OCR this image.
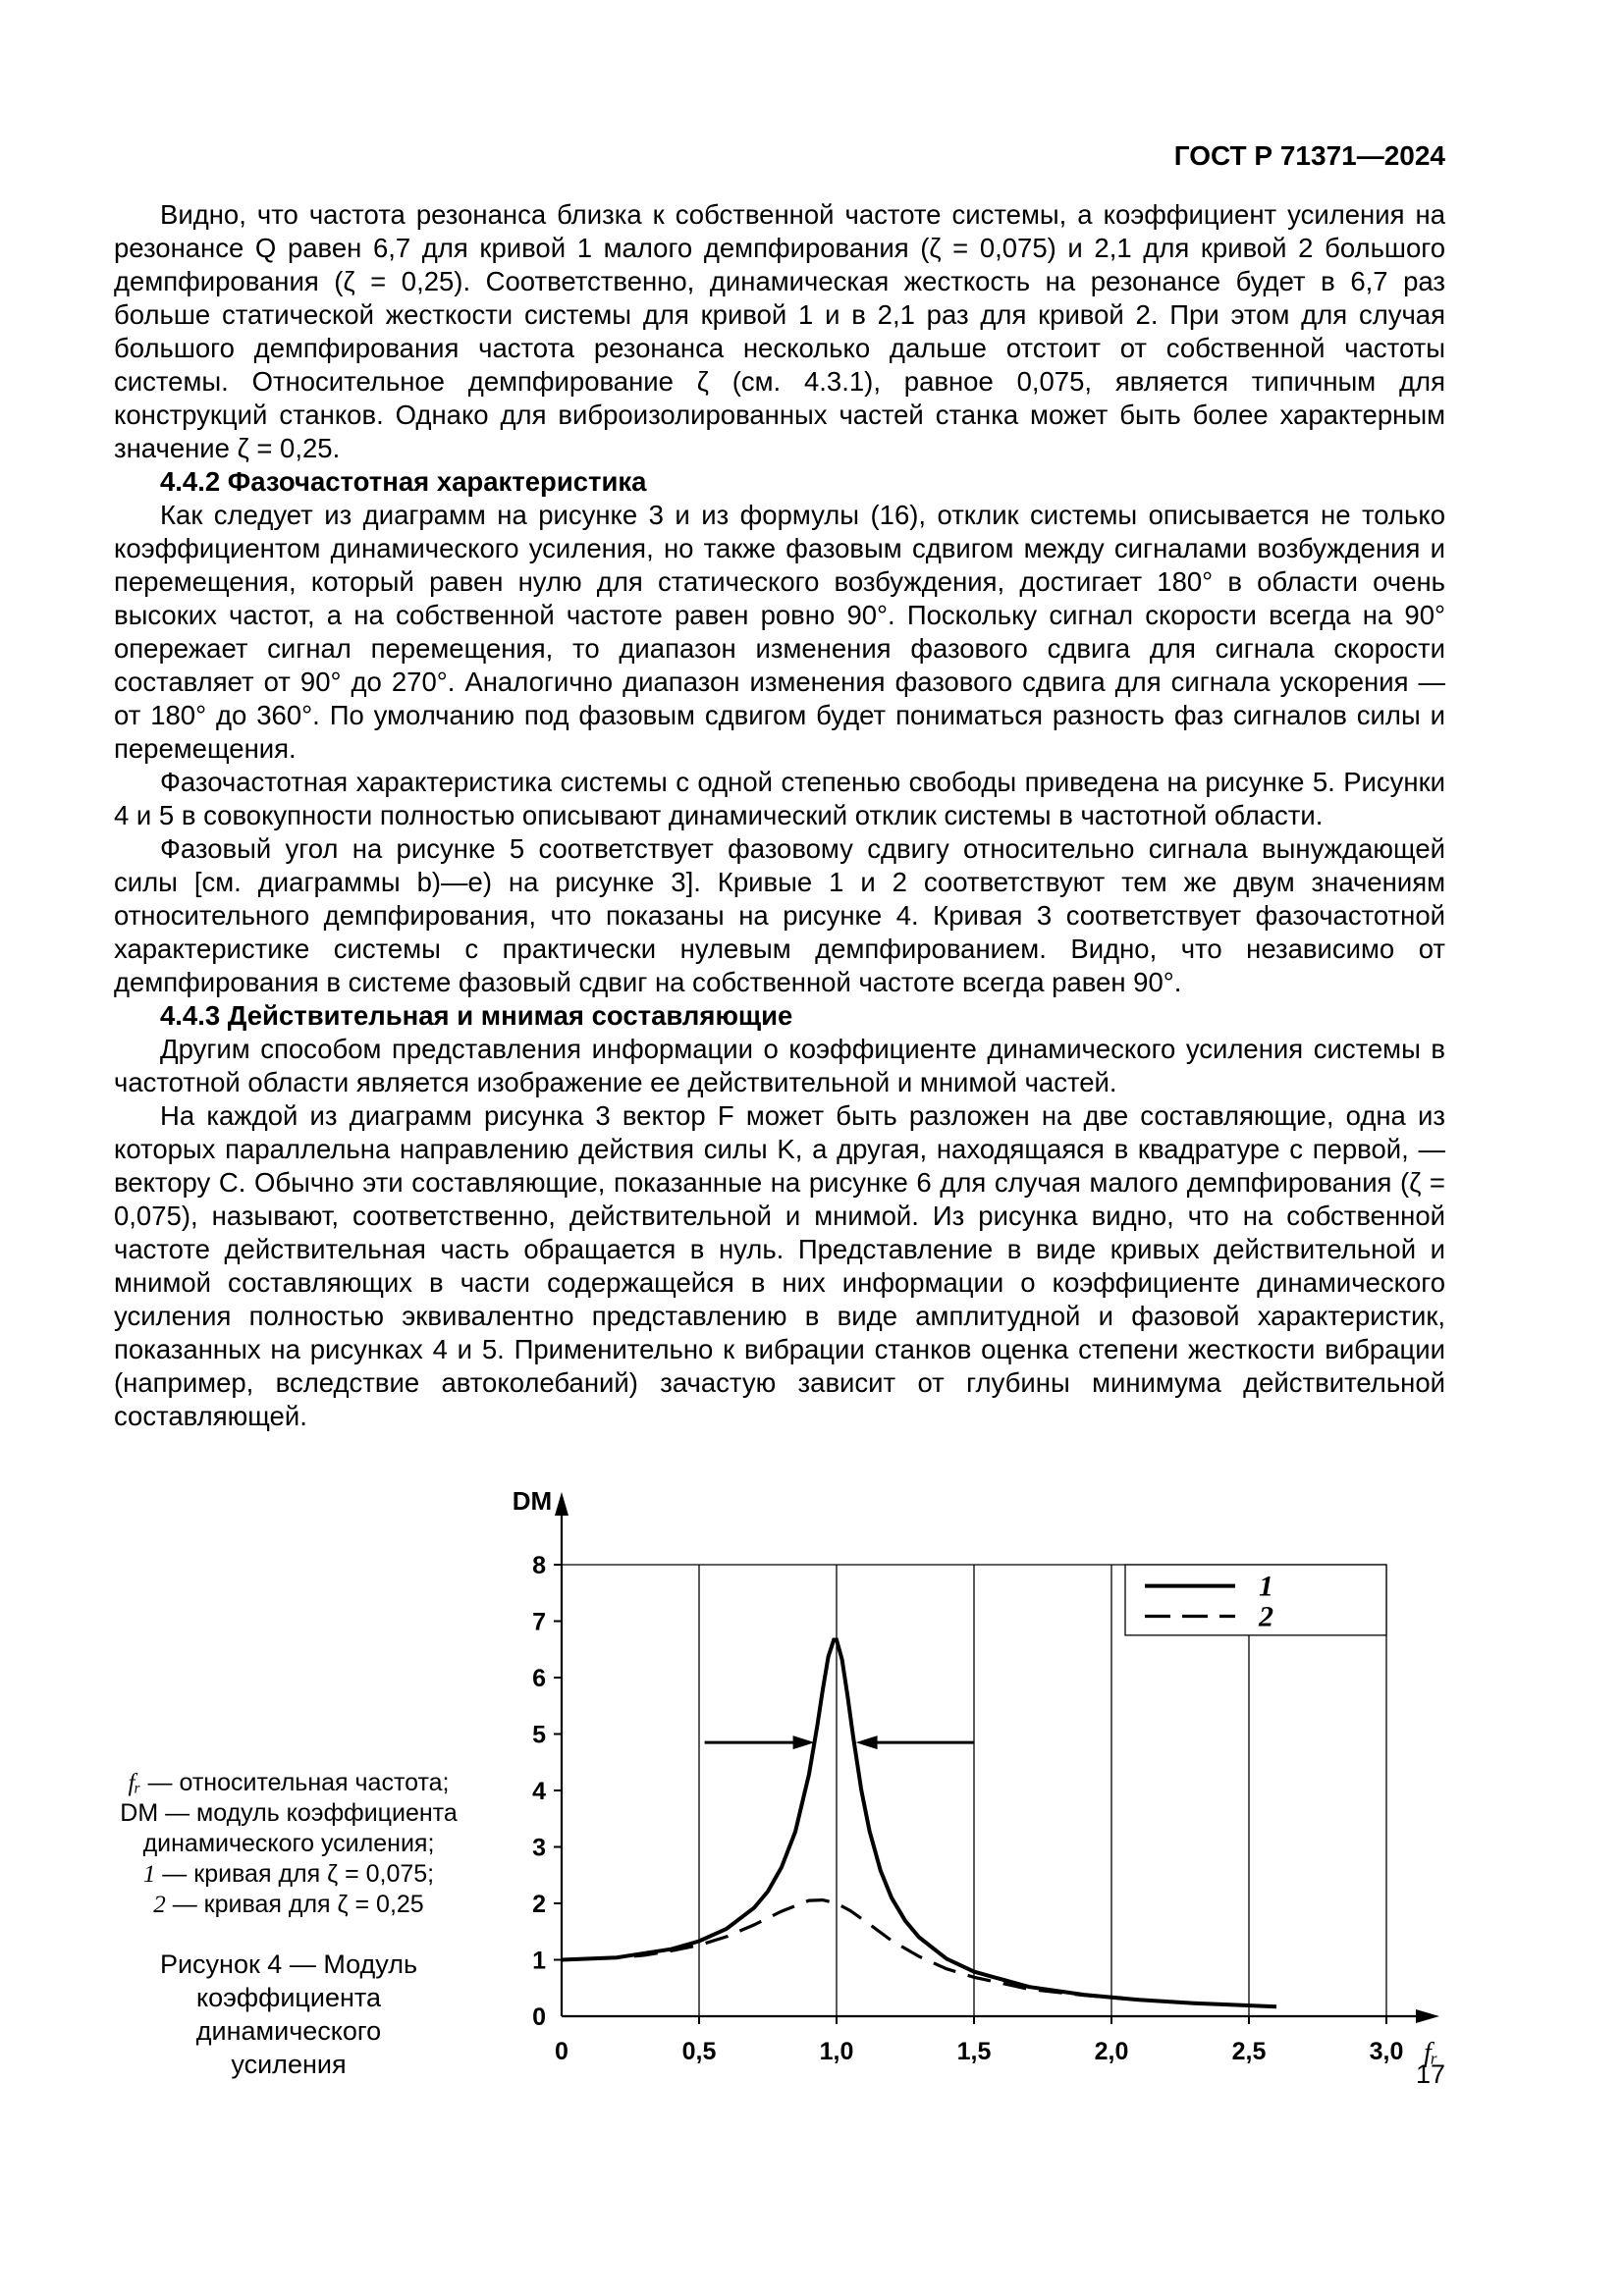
ГОСТ Р 71371—2024

Видно, что частота резонанса близка к собственной частоте системы, а коэффициент усиления на резонансе Q равен 6,7 для кривой 1 малого демпфирования (ζ = 0,075) и 2,1 для кривой 2 большого демпфирования (ζ = 0,25). Соответственно, динамическая жесткость на резонансе будет в 6,7 раз больше статической жесткости системы для кривой 1 и в 2,1 раз для кривой 2. При этом для случая большого демпфирования частота резонанса несколько дальше отстоит от собственной частоты системы. Относительное демпфирование ζ (см. 4.3.1), равное 0,075, является типичным для конструкций станков. Однако для виброизолированных частей станка может быть более характерным значение ζ = 0,25.

4.4.2 Фазочастотная характеристика

Как следует из диаграмм на рисунке 3 и из формулы (16), отклик системы описывается не только коэффициентом динамического усиления, но также фазовым сдвигом между сигналами возбуждения и перемещения, который равен нулю для статического возбуждения, достигает 180° в области очень высоких частот, а на собственной частоте равен ровно 90°. Поскольку сигнал скорости всегда на 90° опережает сигнал перемещения, то диапазон изменения фазового сдвига для сигнала скорости составляет от 90° до 270°. Аналогично диапазон изменения фазового сдвига для сигнала ускорения — от 180° до 360°. По умолчанию под фазовым сдвигом будет пониматься разность фаз сигналов силы и перемещения.

Фазочастотная характеристика системы с одной степенью свободы приведена на рисунке 5. Рисунки 4 и 5 в совокупности полностью описывают динамический отклик системы в частотной области.

Фазовый угол на рисунке 5 соответствует фазовому сдвигу относительно сигнала вынуждающей силы [см. диаграммы b)—е) на рисунке 3]. Кривые 1 и 2 соответствуют тем же двум значениям относительного демпфирования, что показаны на рисунке 4. Кривая 3 соответствует фазочастотной характеристике системы с практически нулевым демпфированием. Видно, что независимо от демпфирования в системе фазовый сдвиг на собственной частоте всегда равен 90°.

4.4.3 Действительная и мнимая составляющие

Другим способом представления информации о коэффициенте динамического усиления системы в частотной области является изображение ее действительной и мнимой частей.

На каждой из диаграмм рисунка 3 вектор F может быть разложен на две составляющие, одна из которых параллельна направлению действия силы K, а другая, находящаяся в квадратуре с первой, — вектору C. Обычно эти составляющие, показанные на рисунке 6 для случая малого демпфирования (ζ = 0,075), называют, соответственно, действительной и мнимой. Из рисунка видно, что на собственной частоте действительная часть обращается в нуль. Представление в виде кривых действительной и мнимой составляющих в части содержащейся в них информации о коэффициенте динамического усиления полностью эквивалентно представлению в виде амплитудной и фазовой характеристик, показанных на рисунках 4 и 5. Применительно к вибрации станков оценка степени жесткости вибрации (например, вследствие автоколебаний) зачастую зависит от глубины минимума действительной составляющей.

fᵣ — относительная частота;
DM — модуль коэффициента динамического усиления;
1 — кривая для ζ = 0,075;
2 — кривая для ζ = 0,25
Рисунок 4 — Модуль коэффициента динамического усиления
1
2
0
1
2
3
4
5
6
7
8
0	0,5	1,0	1,5	2,0	2,5	3,0
DM
fᵣ
17
